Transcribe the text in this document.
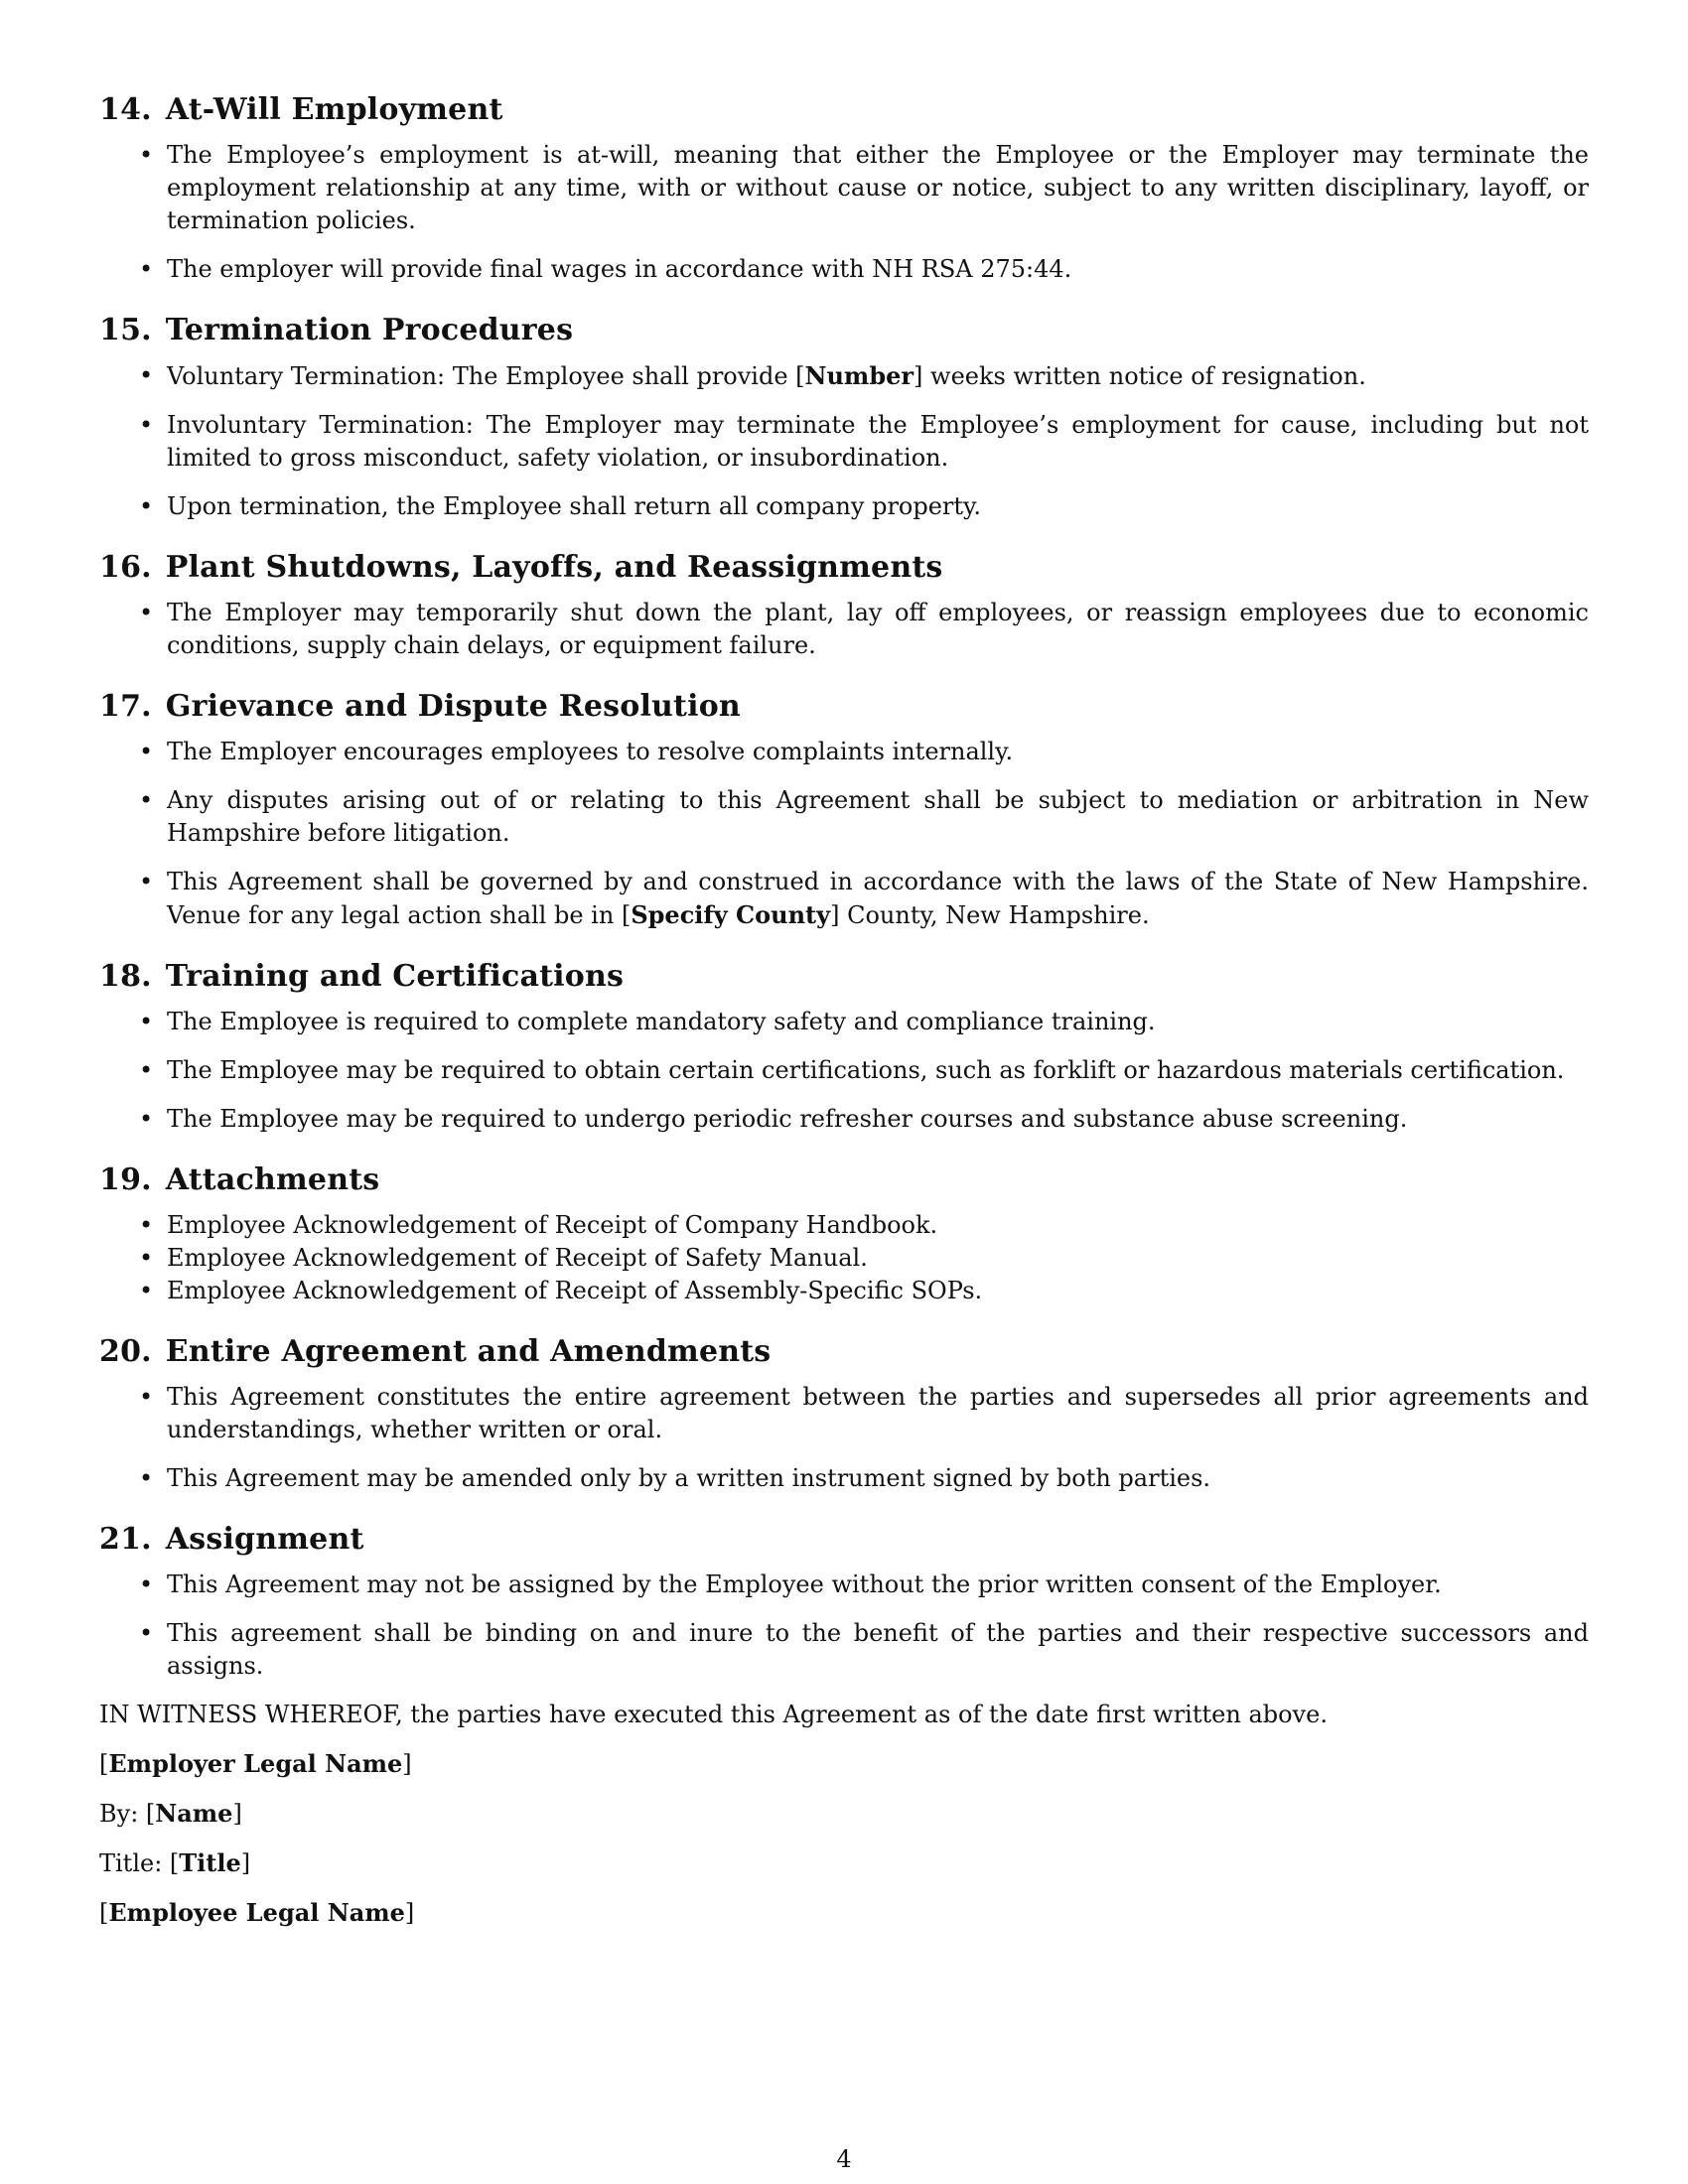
14. At-Will Employment
• The Employee’s employment is at-will, meaning that either the Employee or the Employer may terminate the employment relationship at any time, with or without cause or notice, subject to any written disciplinary, layoff, or termination policies.
• The employer will provide final wages in accordance with NH RSA 275:44.
15. Termination Procedures
• Voluntary Termination: The Employee shall provide [Number] weeks written notice of resignation.
• Involuntary Termination: The Employer may terminate the Employee’s employment for cause, including but not limited to gross misconduct, safety violation, or insubordination.
• Upon termination, the Employee shall return all company property.
16. Plant Shutdowns, Layoffs, and Reassignments
• The Employer may temporarily shut down the plant, lay off employees, or reassign employees due to economic conditions, supply chain delays, or equipment failure.
17. Grievance and Dispute Resolution
• The Employer encourages employees to resolve complaints internally.
• Any disputes arising out of or relating to this Agreement shall be subject to mediation or arbitration in New Hampshire before litigation.
• This Agreement shall be governed by and construed in accordance with the laws of the State of New Hampshire. Venue for any legal action shall be in [Specify County] County, New Hampshire.
18. Training and Certifications
• The Employee is required to complete mandatory safety and compliance training.
• The Employee may be required to obtain certain certifications, such as forklift or hazardous materials certification.
• The Employee may be required to undergo periodic refresher courses and substance abuse screening.
19. Attachments
• Employee Acknowledgement of Receipt of Company Handbook.
• Employee Acknowledgement of Receipt of Safety Manual.
• Employee Acknowledgement of Receipt of Assembly-Specific SOPs.
20. Entire Agreement and Amendments
• This Agreement constitutes the entire agreement between the parties and supersedes all prior agreements and understandings, whether written or oral.
• This Agreement may be amended only by a written instrument signed by both parties.
21. Assignment
• This Agreement may not be assigned by the Employee without the prior written consent of the Employer.
• This agreement shall be binding on and inure to the benefit of the parties and their respective successors and assigns.

IN WITNESS WHEREOF, the parties have executed this Agreement as of the date first written above.

[Employer Legal Name]

By: [Name]

Title: [Title]

[Employee Legal Name]

4
